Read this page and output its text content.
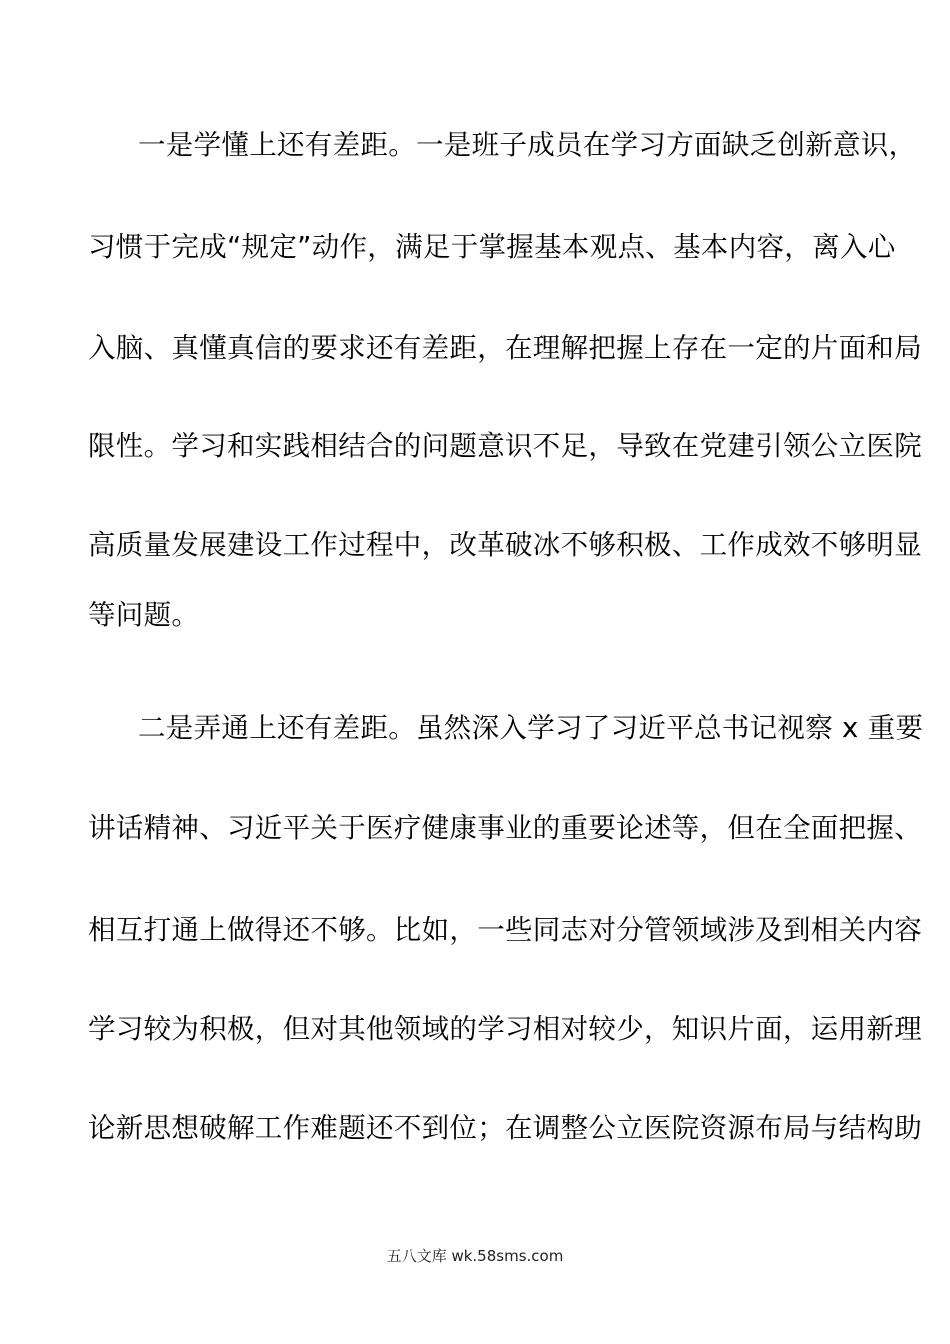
一是学懂上还有差距。一是班子成员在学习方面缺乏创新意识，
习惯于完成“规定”动作，满足于掌握基本观点、基本内容，离入心
入脑、真懂真信的要求还有差距，在理解把握上存在一定的片面和局
限性。学习和实践相结合的问题意识不足，导致在党建引领公立医院
高质量发展建设工作过程中，改革破冰不够积极、工作成效不够明显
等问题。
二是弄通上还有差距。虽然深入学习了习近平总书记视察 x 重要
讲话精神、习近平关于医疗健康事业的重要论述等，但在全面把握、
相互打通上做得还不够。比如，一些同志对分管领域涉及到相关内容
学习较为积极，但对其他领域的学习相对较少，知识片面，运用新理
论新思想破解工作难题还不到位；在调整公立医院资源布局与结构助
五八文库 wk.58sms.com
